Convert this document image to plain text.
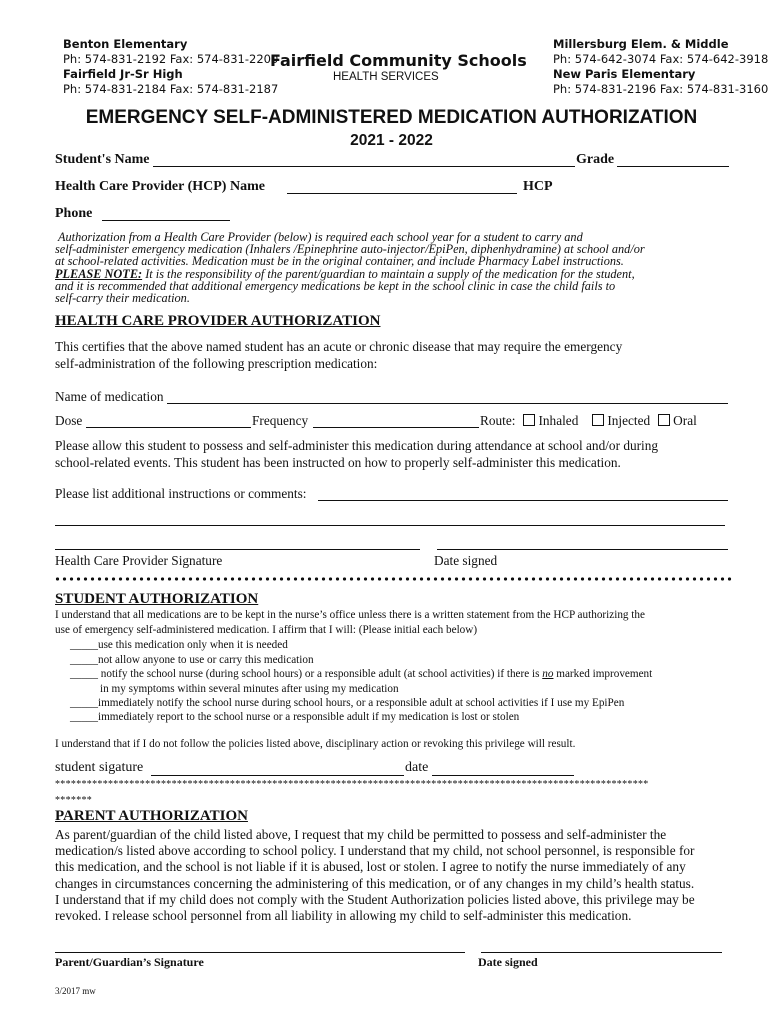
Benton Elementary
Ph: 574-831-2192 Fax: 574-831-2200
Fairfield Jr-Sr High
Ph: 574-831-2184 Fax: 574-831-2187
Fairfield Community Schools
HEALTH SERVICES
Millersburg Elem. & Middle
Ph: 574-642-3074 Fax: 574-642-3918
New Paris Elementary
Ph: 574-831-2196 Fax: 574-831-3160
EMERGENCY SELF-ADMINISTERED MEDICATION AUTHORIZATION
2021 - 2022
Student's Name	Grade
Health Care Provider (HCP) Name	HCP
Phone
Authorization from a Health Care Provider (below) is required each school year for a student to carry and
self-administer emergency medication (Inhalers /Epinephrine auto-injector/EpiPen, diphenhydramine) at school and/or
at school-related activities. Medication must be in the original container, and include Pharmacy Label instructions.
PLEASE NOTE: It is the responsibility of the parent/guardian to maintain a supply of the medication for the student,
and it is recommended that additional emergency medications be kept in the school clinic in case the child fails to
self-carry their medication.
HEALTH CARE PROVIDER AUTHORIZATION
This certifies that the above named student has an acute or chronic disease that may require the emergency
self-administration of the following prescription medication:
Name of medication
Dose	Frequency	Route: Inhaled Injected Oral
Please allow this student to possess and self-administer this medication during attendance at school and/or during
school-related events. This student has been instructed on how to properly self-administer this medication.
Please list additional instructions or comments:
Health Care Provider Signature	Date signed
STUDENT AUTHORIZATION
I understand that all medications are to be kept in the nurse’s office unless there is a written statement from the HCP authorizing the
use of emergency self-administered medication. I affirm that I will: (Please initial each below)
_____use this medication only when it is needed
_____not allow anyone to use or carry this medication
_____ notify the school nurse (during school hours) or a responsible adult (at school activities) if there is no marked improvement
in my symptoms within several minutes after using my medication
_____immediately notify the school nurse during school hours, or a responsible adult at school activities if I use my EpiPen
_____immediately report to the school nurse or a responsible adult if my medication is lost or stolen
I understand that if I do not follow the policies listed above, disciplinary action or revoking this privilege will result.
student sigature	date
****************************************************************************************************************
*******
PARENT AUTHORIZATION
As parent/guardian of the child listed above, I request that my child be permitted to possess and self-administer the
medication/s listed above according to school policy. I understand that my child, not school personnel, is responsible for
this medication, and the school is not liable if it is abused, lost or stolen. I agree to notify the nurse immediately of any
changes in circumstances concerning the administering of this medication, or of any changes in my child’s health status.
I understand that if my child does not comply with the Student Authorization policies listed above, this privilege may be
revoked. I release school personnel from all liability in allowing my child to self-administer this medication.
Parent/Guardian’s Signature	Date signed
3/2017 mw
